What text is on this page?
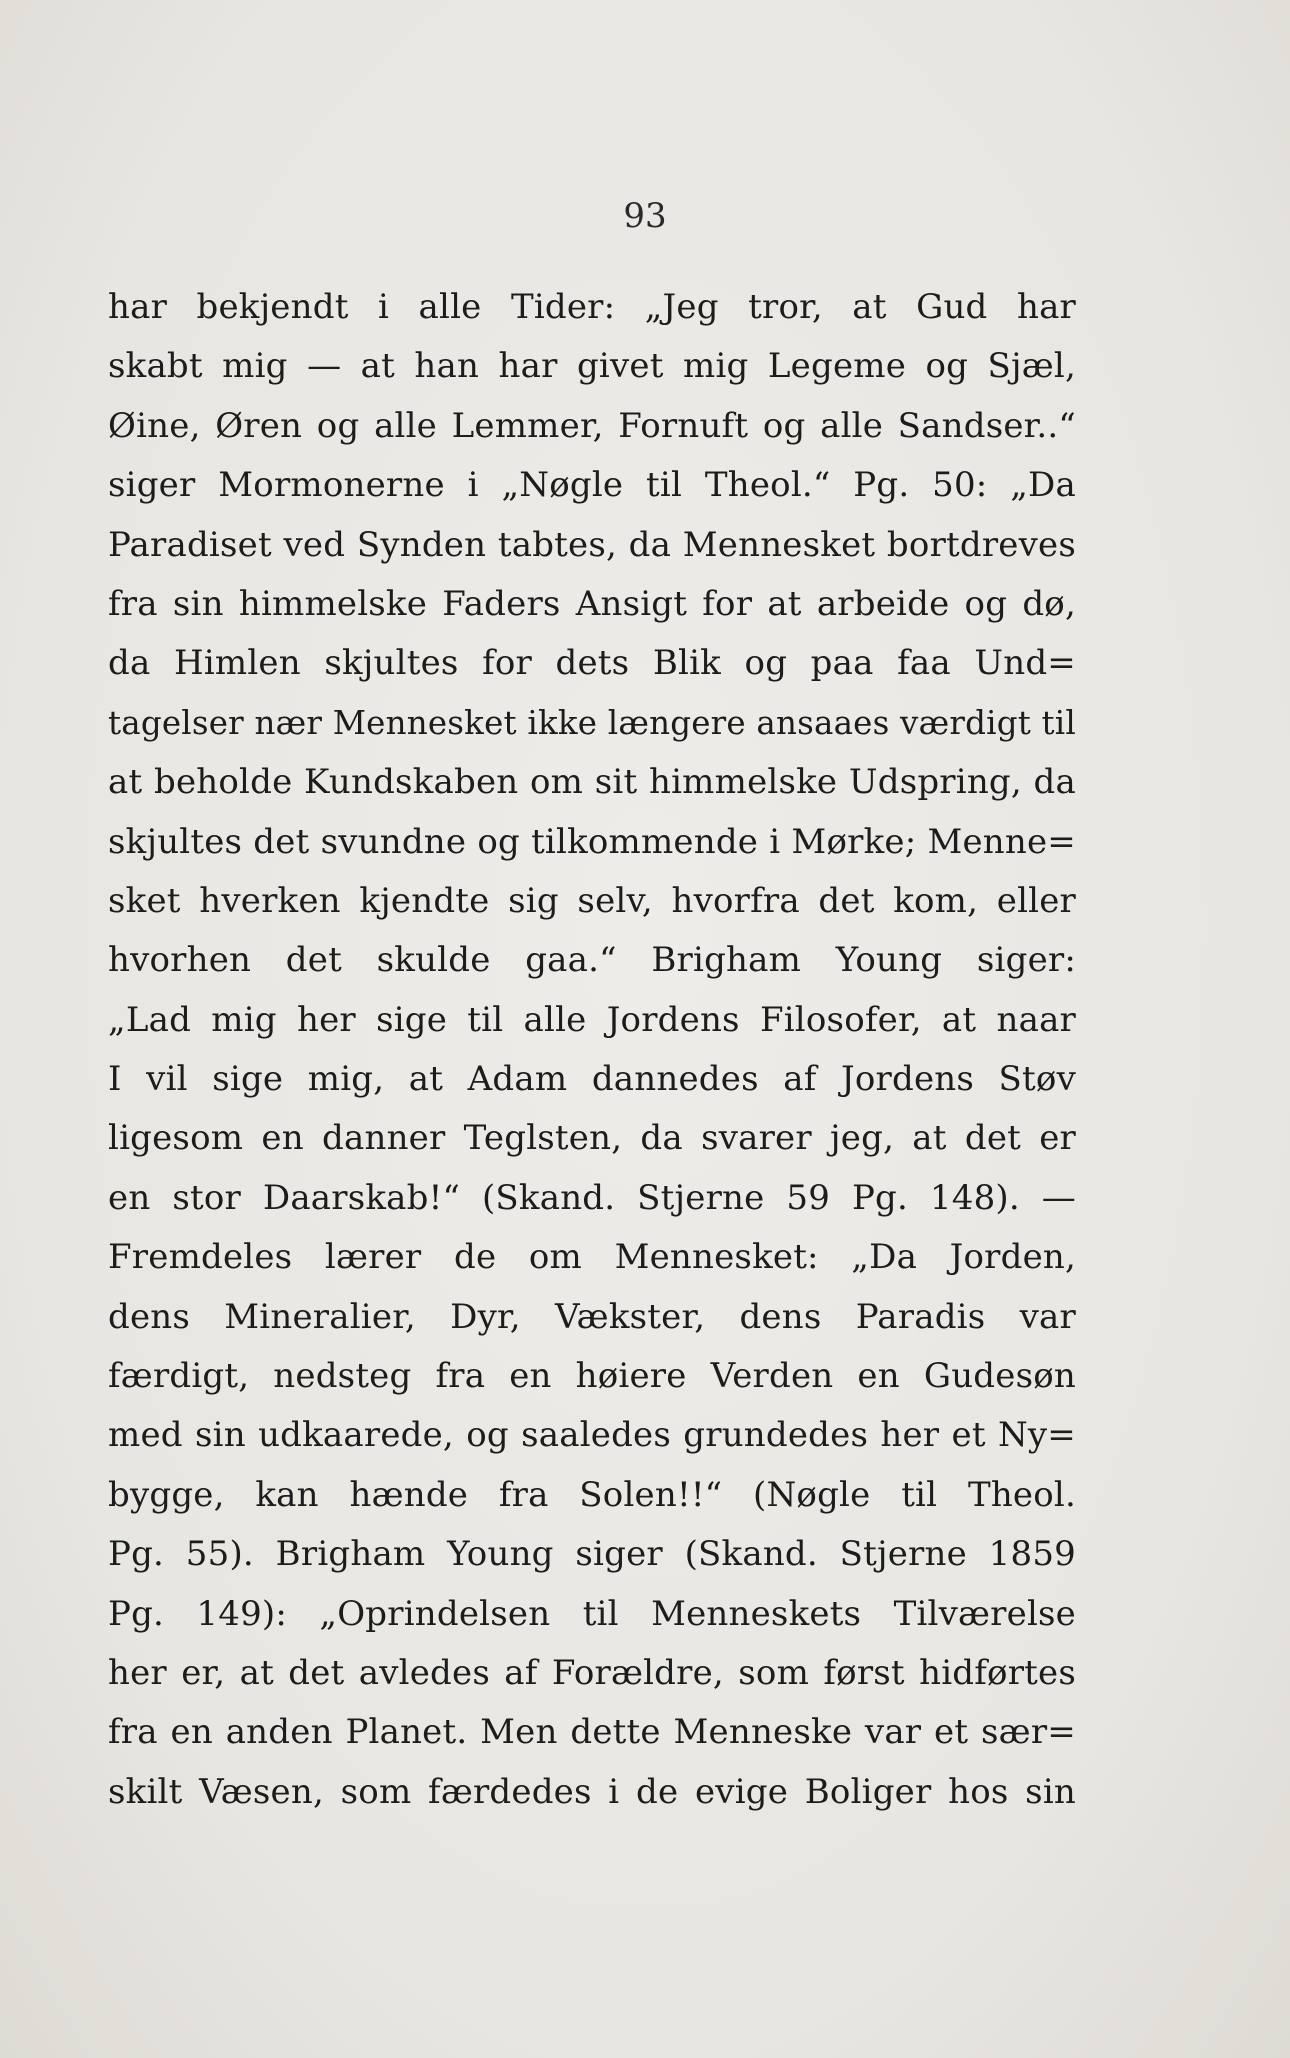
93
har bekjendt i alle Tider: „Jeg tror, at Gud har
skabt mig — at han har givet mig Legeme og Sjæl,
Øine, Øren og alle Lemmer, Fornuft og alle Sandser..“
siger Mormonerne i „Nøgle til Theol.“ Pg. 50: „Da
Paradiset ved Synden tabtes, da Mennesket bortdreves
fra sin himmelske Faders Ansigt for at arbeide og dø,
da Himlen skjultes for dets Blik og paa faa Und=
tagelser nær Mennesket ikke længere ansaaes værdigt til
at beholde Kundskaben om sit himmelske Udspring, da
skjultes det svundne og tilkommende i Mørke; Menne=
sket hverken kjendte sig selv, hvorfra det kom, eller
hvorhen det skulde gaa.“ Brigham Young siger:
„Lad mig her sige til alle Jordens Filosofer, at naar
I vil sige mig, at Adam dannedes af Jordens Støv
ligesom en danner Teglsten, da svarer jeg, at det er
en stor Daarskab!“ (Skand. Stjerne 59 Pg. 148). —
Fremdeles lærer de om Mennesket: „Da Jorden,
dens Mineralier, Dyr, Vækster, dens Paradis var
færdigt, nedsteg fra en høiere Verden en Gudesøn
med sin udkaarede, og saaledes grundedes her et Ny=
bygge, kan hænde fra Solen!!“ (Nøgle til Theol.
Pg. 55). Brigham Young siger (Skand. Stjerne 1859
Pg. 149): „Oprindelsen til Menneskets Tilværelse
her er, at det avledes af Forældre, som først hidførtes
fra en anden Planet. Men dette Menneske var et sær=
skilt Væsen, som færdedes i de evige Boliger hos sin
